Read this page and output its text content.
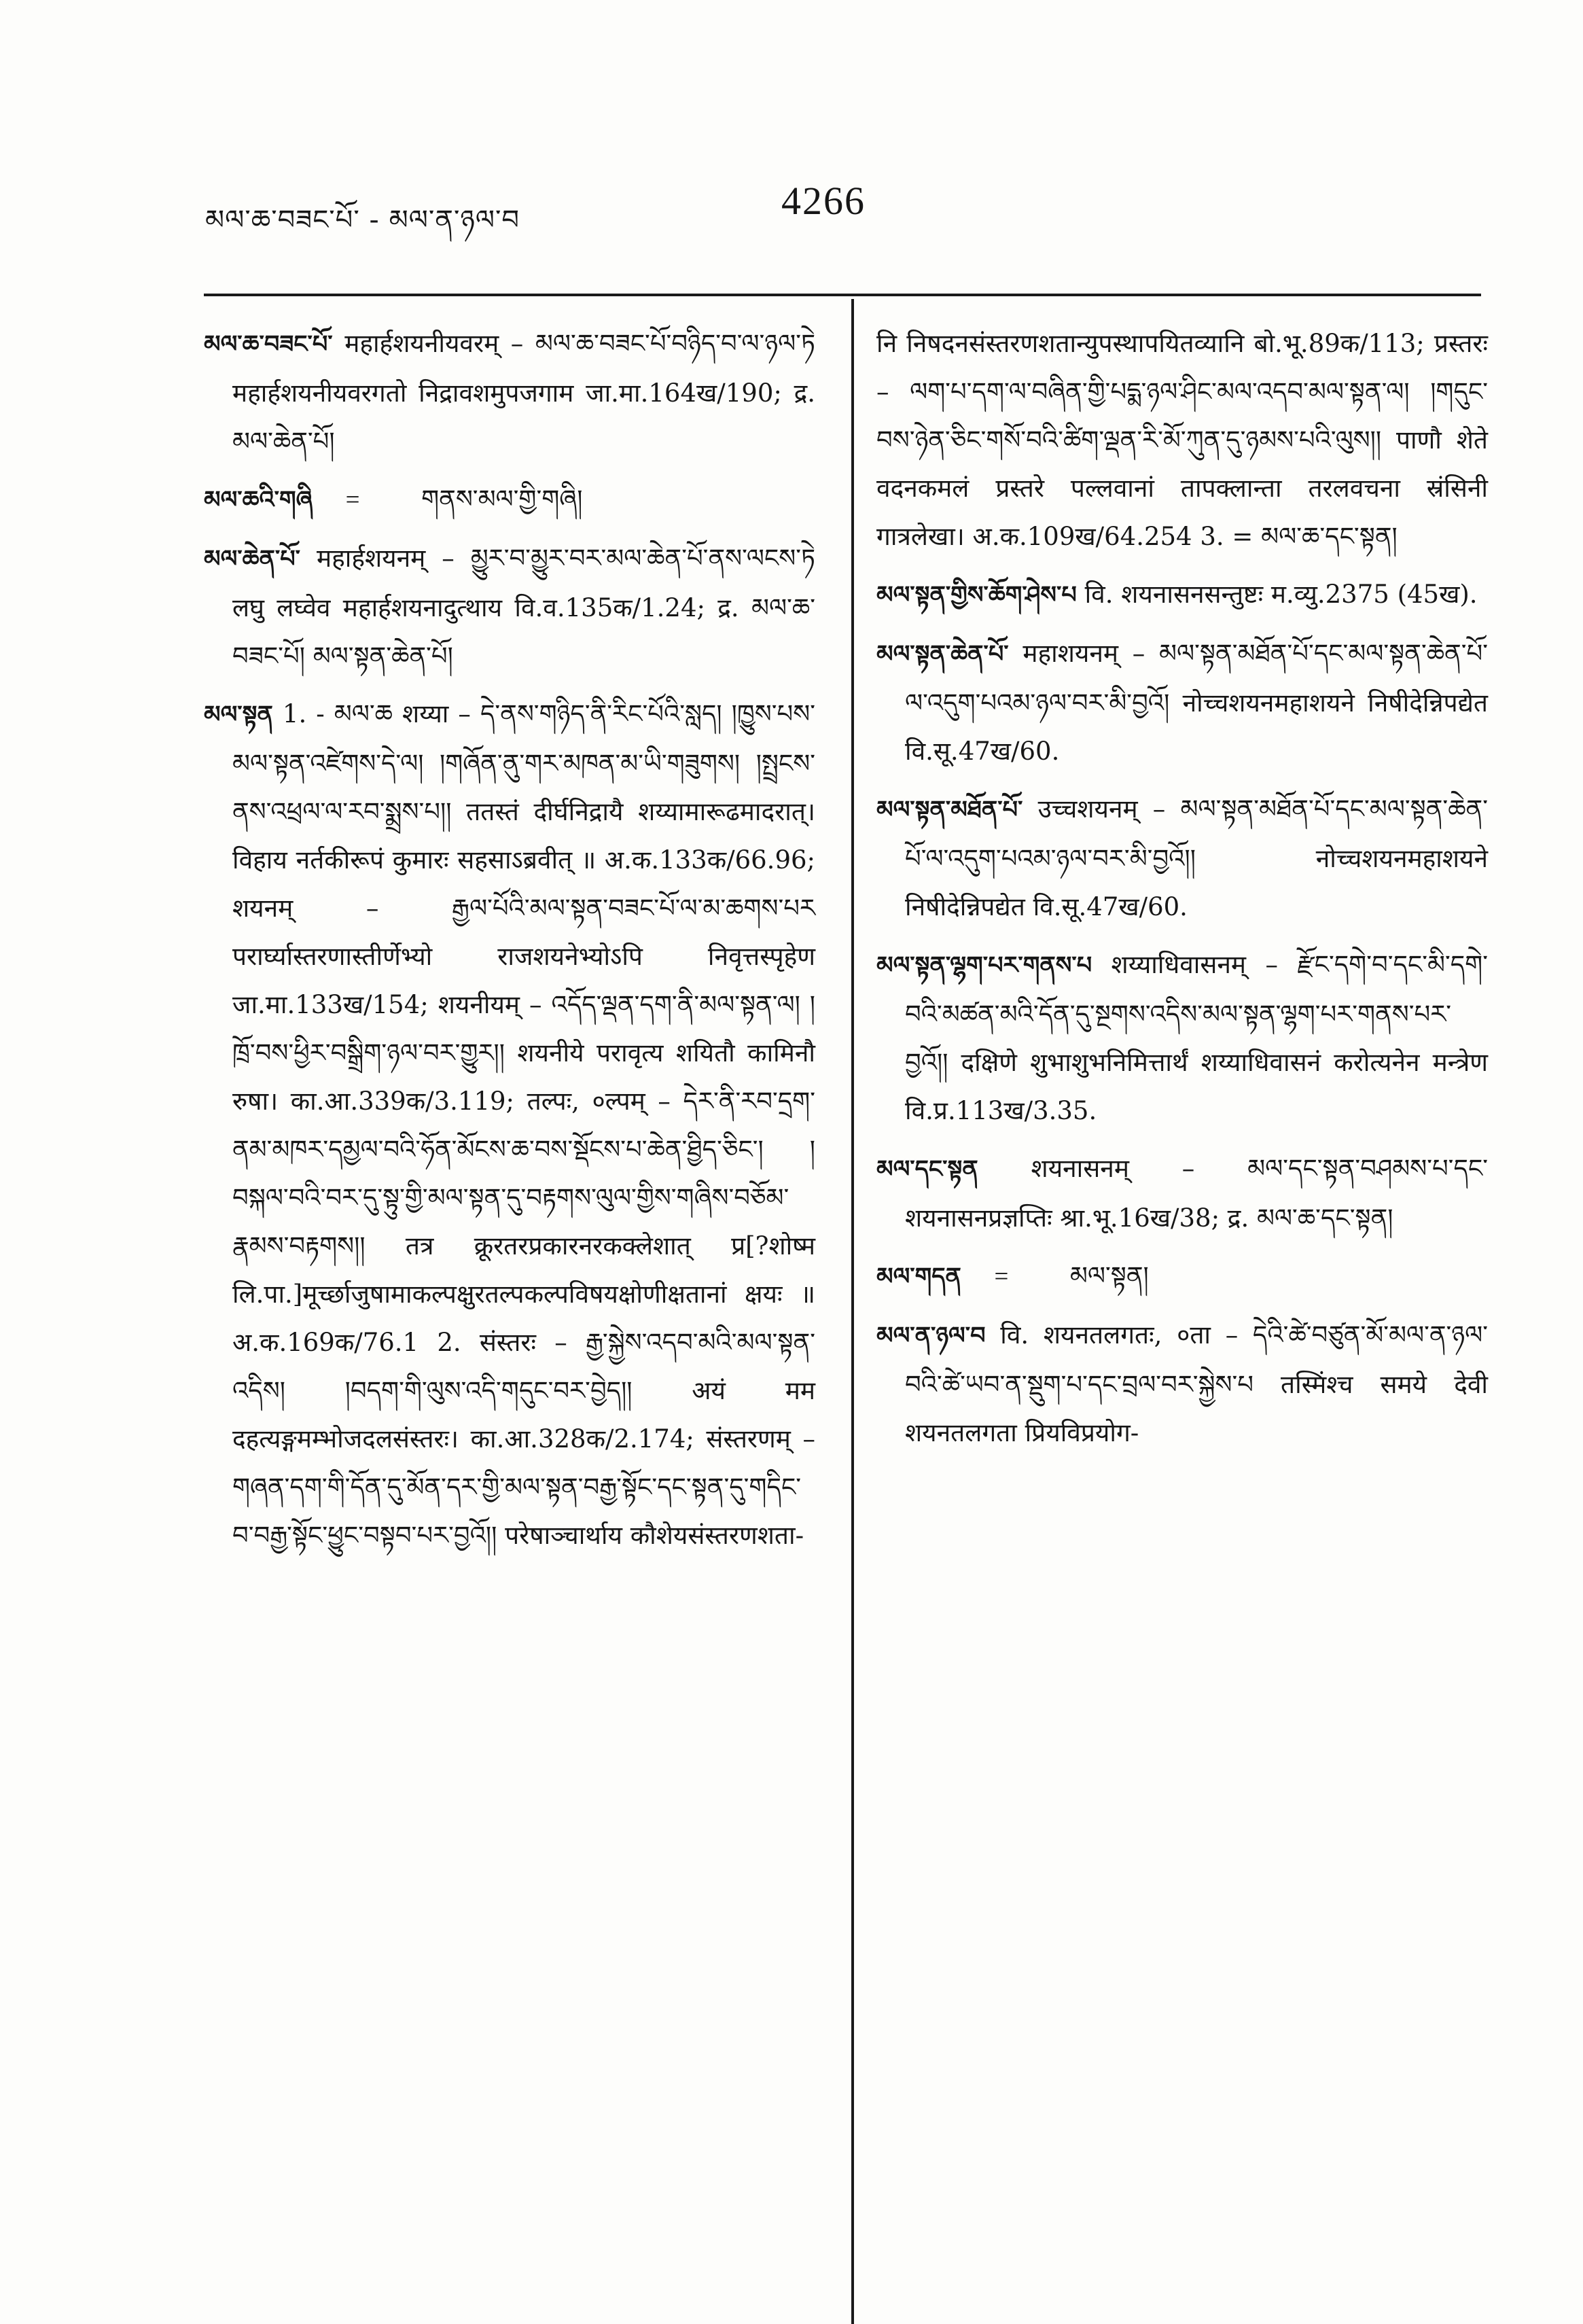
མལ་ཆ་བཟང་པོ་ - མལ་ན་ཉལ་བ	4266
མལ་ཆ་བཟང་པོ་ महार्हशयनीयवरम् – མལ་ཆ་བཟང་པོ་བཉིད་བ་ལ་ཉལ་ཏེ महार्हशयनीयवरगतो निद्रावशमुपजगाम जा.मा.164ख/190; द्र. མལ་ཆེན་པོ།
མལ་ཆའི་གཞི = གནས་མལ་གྱི་གཞི།
མལ་ཆེན་པོ་ महार्हशयनम् – མྱུར་བ་མྱུར་བར་མལ་ཆེན་པོ་ནས་ལངས་ཏེ लघु लघ्वेव महार्हशयनादुत्थाय वि.व.135क/1.24; द्र. མལ་ཆ་བཟང་པོ། མལ་སྟན་ཆེན་པོ།
མལ་སྟན 1. - མལ་ཆ शय्या – དེ་ནས་གཉིད་ནི་རིང་པོའི་སླད། །ཁྱུས་པས་མལ་སྟན་འཛེགས་དེ་ལ། །གཞོན་ནུ་གར་མཁན་མ་ཡི་གཟུགས། །སྤྲངས་ནས་འཕྲལ་ལ་རབ་སྨྲས་པ།། ततस्तं दीर्घनिद्रायै शय्यामारूढमादरात्। विहाय नर्तकीरूपं कुमारः सहसाऽब्रवीत् ॥ अ.क.133क/66.96; शयनम् – རྒྱལ་པོའི་མལ་སྟན་བཟང་པོ་ལ་མ་ཆགས་པར परार्घ्यास्तरणास्तीर्णेभ्यो राजशयनेभ्योऽपि निवृत्तस्पृहेण जा.मा.133ख/154; शयनीयम् – འདོད་ལྡན་དག་ནི་མལ་སྟན་ལ། །ཁྲོ་བས་ཕྱིར་བསྒྲིག་ཉལ་བར་གྱུར།། शयनीये परावृत्य शयितौ कामिनौ रुषा। का.आ.339क/3.119; तल्पः, ०ल्पम् – དེར་ནི་རབ་དྲག་ནམ་མཁར་དམྱལ་བའི་ཧོན་མོངས་ཆ་བས་སྡོངས་པ་ཆེན་ཐྱིད་ཅིང་། །བསྐལ་བའི་བར་དུ་སྟུ་གྱི་མལ་སྟན་དུ་བརྟགས་ལུལ་གྱིས་གཞིས་བཅོམ་རྣམས་བརྟགས།། तत्र क्रूरतरप्रकारनरकक्लेशात् प्र[?शोष्म लि.पा.]मूर्च्छाजुषामाकल्पक्षुरतल्पकल्पविषयक्षोणीक्षतानां क्षयः ॥ अ.क.169क/76.1 2. संस्तरः – རྒྱ་སྐྱེས་འདབ་མའི་མལ་སྟན་འདིས། །བདག་གི་ལུས་འདི་གདུང་བར་བྱེད།། अयं मम दहत्यङ्गमम्भोजदलसंस्तरः। का.आ.328क/2.174; संस्तरणम् – གཞན་དག་གི་དོན་དུ་མོན་དར་གྱི་མལ་སྟན་བརྒྱ་སྟོང་དང་སྟན་དུ་གདིང་བ་བརྒྱ་སྟོང་ཕྱུང་བསྟབ་པར་བྱའོ།། परेषाञ्चार्थाय कौशेयसंस्तरणशता-
नि निषदनसंस्तरणशतान्युपस्थापयितव्यानि बो.भू.89क/113; प्रस्तरः – ལག་པ་དག་ལ་བཞིན་གྱི་པདྨ་ཉལ་ཤིང་མལ་འདབ་མལ་སྟན་ལ། །གདུང་བས་ཉེན་ཅིང་གསོ་བའི་ཚིག་ལྡན་རི་མོ་ཀུན་དུ་ཉམས་པའི་ལུས།། पाणौ शेते वदनकमलं प्रस्तरे पल्लवानां तापक्लान्ता तरलवचना स्रंसिनी गात्रलेखा। अ.क.109ख/64.254 3. = མལ་ཆ་དང་སྟན།
མལ་སྟན་གྱིས་ཆོག་ཤེས་པ वि. शयनासनसन्तुष्टः म.व्यु.2375 (45ख).
མལ་སྟན་ཆེན་པོ་ महाशयनम् – མལ་སྟན་མཐོན་པོ་དང་མལ་སྟན་ཆེན་པོ་ལ་འདུག་པའམ་ཉལ་བར་མི་བྱའོ། नोच्चशयनमहाशयने निषीदेन्निपद्येत वि.सू.47ख/60.
མལ་སྟན་མཐོན་པོ་ उच्चशयनम् – མལ་སྟན་མཐོན་པོ་དང་མལ་སྟན་ཆེན་པོ་ལ་འདུག་པའམ་ཉལ་བར་མི་བྱའོ།། नोच्चशयनमहाशयने निषीदेन्निपद्येत वि.सू.47ख/60.
མལ་སྟན་ལྷག་པར་གནས་པ शय्याधिवासनम् – རྫོང་དགེ་བ་དང་མི་དགེ་བའི་མཚན་མའི་དོན་དུ་སྔགས་འདིས་མལ་སྟན་ལྷག་པར་གནས་པར་བྱའོ།། दक्षिणे शुभाशुभनिमित्तार्थं शय्याधिवासनं करोत्यनेन मन्त्रेण वि.प्र.113ख/3.35.
མལ་དང་སྟན शयनासनम् – མལ་དང་སྟན་བཤམས་པ་དང་ शयनासनप्रज्ञप्तिः श्रा.भू.16ख/38; द्र. མལ་ཆ་དང་སྟན།
མལ་གདན = མལ་སྟན།
མལ་ན་ཉལ་བ वि. शयनतलगतः, ०ता – དེའི་ཚེ་བཙུན་མོ་མལ་ན་ཉལ་བའི་ཚེ་ཡབ་ན་སྡུག་པ་དང་བྲལ་བར་སྐྱེས་པ तस्मिंश्च समये देवी शयनतलगता प्रियविप्रयोग-
